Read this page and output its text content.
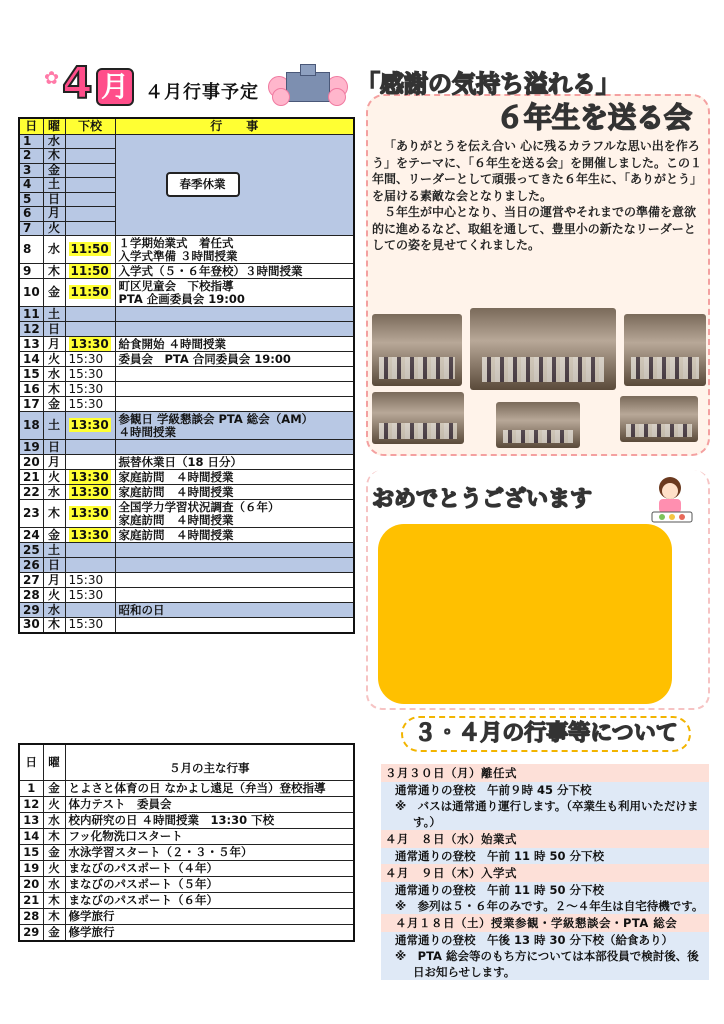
✿ 4 月 ４月行事予定
日	曜	下校	行　　事
1	水		春季休業
2	木		
3	金		
4	土		
5	日		
6	月		
7	火		
8	水	11:50	１学期始業式　着任式
入学式準備 ３時間授業

9	木	11:50	入学式（５・６年登校）３時間授業

10	金	11:50	町区児童会　下校指導
PTA 企画委員会 19:00

11	土		
12	日		
13	月	13:30	給食開始 ４時間授業

14	火	15:30	委員会　PTA 合同委員会 19:00

15	水	15:30	
16	木	15:30	
17	金	15:30	
18	土	13:30	参観日 学級懇談会 PTA 総会（AM）
４時間授業

19	日		
20	月		振替休業日（18 日分）

21	火	13:30	家庭訪問　４時間授業

22	水	13:30	家庭訪問　４時間授業

23	木	13:30	全国学力学習状況調査（６年）
家庭訪問　４時間授業

24	金	13:30	家庭訪問　４時間授業

25	土		
26	日		
27	月	15:30	
28	火	15:30	
29	水		昭和の日

30	木	15:30	
日	曜	５月の主な行事
1	金	とよさと体育の日 なかよし遠足（弁当）登校指導
12	火	体力テスト　委員会
13	水	校内研究の日 ４時間授業　13:30 下校
14	木	フッ化物洗口スタート
15	金	水泳学習スタート（２・３・５年）
19	火	まなびのパスポート（４年）
20	水	まなびのパスポート（５年）
21	木	まなびのパスポート（６年）
28	木	修学旅行
29	金	修学旅行
「感謝の気持ち溢れる」
６年生を送る会

「ありがとうを伝え合い 心に残るカラフルな思い出を作ろう」をテーマに、「６年生を送る会」を開催しました。この１年間、リーダーとして頑張ってきた６年生に、「ありがとう」を届ける素敵な会となりました。

５年生が中心となり、当日の運営やそれまでの準備を意欲的に進めるなど、取組を通して、豊里小の新たなリーダーとしての姿を見せてくれました。

おめでとうございます
３・４月の行事等について
３月３０日（月）離任式
通常通りの登校　午前９時 45 分下校
※　バスは通常通り運行します。（卒業生も利用いただけます。）
４月　８日（水）始業式
通常通りの登校　午前 11 時 50 分下校
４月　９日（木）入学式
通常通りの登校　午前 11 時 50 分下校
※　参列は５・６年のみです。２～４年生は自宅待機です。
４月１８日（土）授業参観・学級懇談会・PTA 総会
通常通りの登校　午後 13 時 30 分下校（給食あり）
※　PTA 総会等のもち方については本部役員で検討後、後日お知らせします。
